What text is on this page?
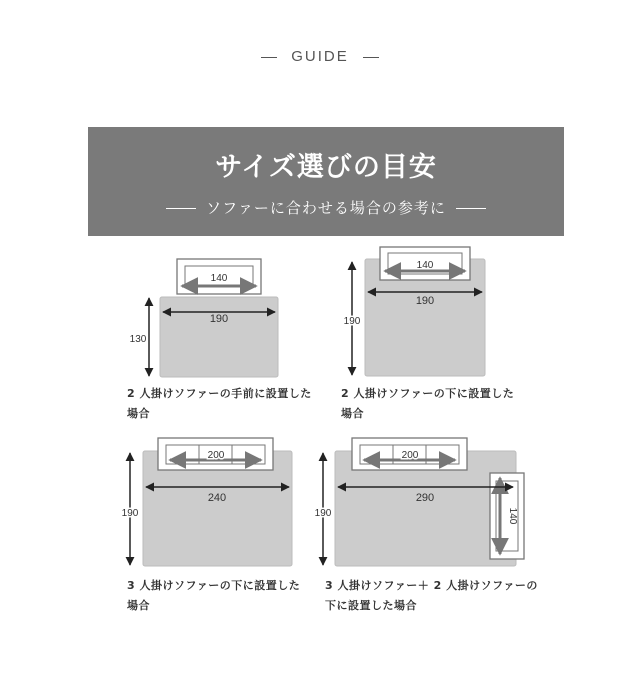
GUIDE
サイズ選びの目安
ソファーに合わせる場合の参考に
140
190
130
140
190
190
200
240
190
200
140
290
190
2 人掛けソファーの手前に設置した
場合
2 人掛けソファーの下に設置した
場合
3 人掛けソファーの下に設置した
場合
3 人掛けソファー＋ 2 人掛けソファーの
下に設置した場合
